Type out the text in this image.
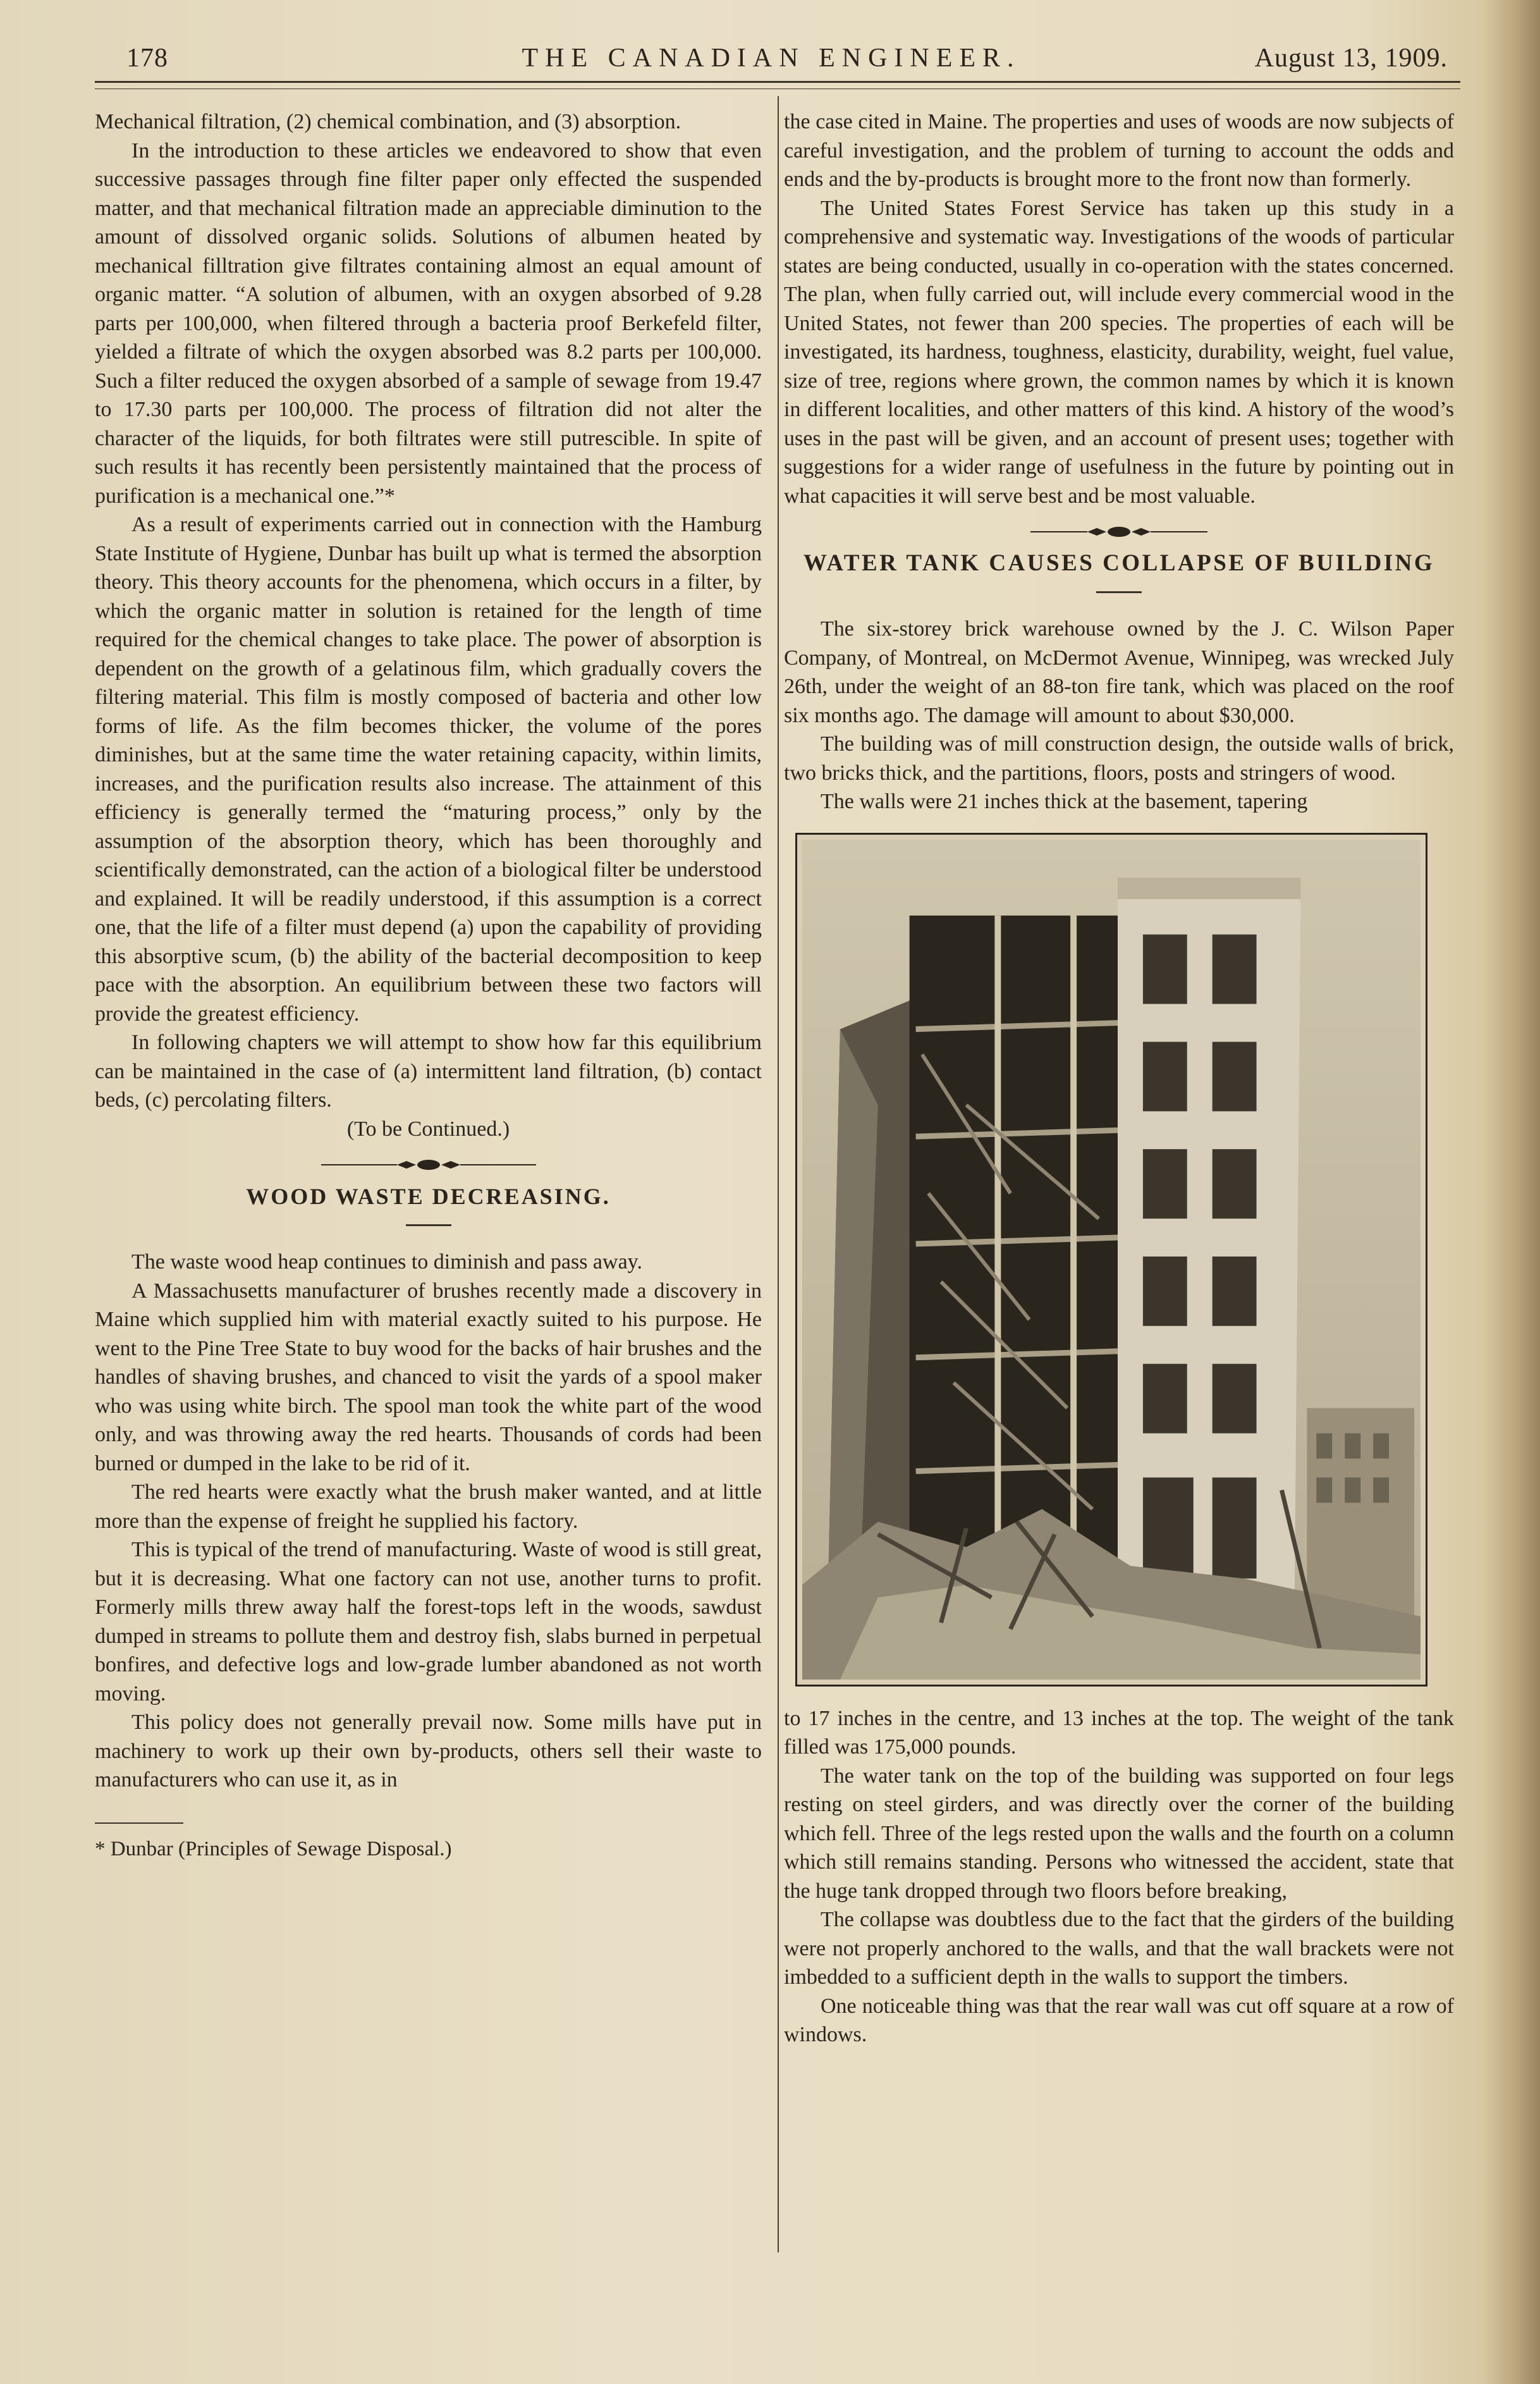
178	THE CANADIAN ENGINEER.	August 13, 1909.

Mechanical filtration, (2) chemical combination, and (3) absorption.

In the introduction to these articles we endeavored to show that even successive passages through fine filter paper only effected the suspended matter, and that mechanical filtration made an appreciable diminution to the amount of dissolved organic solids. Solutions of albumen heated by mechanical filltration give filtrates containing almost an equal amount of organic matter. “A solution of albumen, with an oxygen absorbed of 9.28 parts per 100,000, when filtered through a bacteria proof Berkefeld filter, yielded a filtrate of which the oxygen absorbed was 8.2 parts per 100,000. Such a filter reduced the oxygen absorbed of a sample of sewage from 19.47 to 17.30 parts per 100,000. The process of filtration did not alter the character of the liquids, for both filtrates were still putrescible. In spite of such results it has recently been persistently maintained that the process of purification is a mechanical one.”*

As a result of experiments carried out in connection with the Hamburg State Institute of Hygiene, Dunbar has built up what is termed the absorption theory. This theory accounts for the phenomena, which occurs in a filter, by which the organic matter in solution is retained for the length of time required for the chemical changes to take place. The power of absorption is dependent on the growth of a gelatinous film, which gradually covers the filtering material. This film is mostly composed of bacteria and other low forms of life. As the film becomes thicker, the volume of the pores diminishes, but at the same time the water retaining capacity, within limits, increases, and the purification results also increase. The attainment of this efficiency is generally termed the “maturing process,” only by the assumption of the absorption theory, which has been thoroughly and scientifically demonstrated, can the action of a biological filter be understood and explained. It will be readily understood, if this assumption is a correct one, that the life of a filter must depend (a) upon the capability of providing this absorptive scum, (b) the ability of the bacterial decomposition to keep pace with the absorption. An equilibrium between these two factors will provide the greatest efficiency.

In following chapters we will attempt to show how far this equilibrium can be maintained in the case of (a) intermittent land filtration, (b) contact beds, (c) percolating filters.

(To be Continued.)

WOOD WASTE DECREASING.

The waste wood heap continues to diminish and pass away.

A Massachusetts manufacturer of brushes recently made a discovery in Maine which supplied him with material exactly suited to his purpose. He went to the Pine Tree State to buy wood for the backs of hair brushes and the handles of shaving brushes, and chanced to visit the yards of a spool maker who was using white birch. The spool man took the white part of the wood only, and was throwing away the red hearts. Thousands of cords had been burned or dumped in the lake to be rid of it.

The red hearts were exactly what the brush maker wanted, and at little more than the expense of freight he supplied his factory.

This is typical of the trend of manufacturing. Waste of wood is still great, but it is decreasing. What one factory can not use, another turns to profit. Formerly mills threw away half the forest-tops left in the woods, sawdust dumped in streams to pollute them and destroy fish, slabs burned in perpetual bonfires, and defective logs and low-grade lumber abandoned as not worth moving.

This policy does not generally prevail now. Some mills have put in machinery to work up their own by-products, others sell their waste to manufacturers who can use it, as in

* Dunbar (Principles of Sewage Disposal.)

the case cited in Maine. The properties and uses of woods are now subjects of careful investigation, and the problem of turning to account the odds and ends and the by-products is brought more to the front now than formerly.

The United States Forest Service has taken up this study in a comprehensive and systematic way. Investigations of the woods of particular states are being conducted, usually in co-operation with the states concerned. The plan, when fully carried out, will include every commercial wood in the United States, not fewer than 200 species. The properties of each will be investigated, its hardness, toughness, elasticity, durability, weight, fuel value, size of tree, regions where grown, the common names by which it is known in different localities, and other matters of this kind. A history of the wood’s uses in the past will be given, and an account of present uses; together with suggestions for a wider range of usefulness in the future by pointing out in what capacities it will serve best and be most valuable.

WATER TANK CAUSES COLLAPSE OF BUILDING

The six-storey brick warehouse owned by the J. C. Wilson Paper Company, of Montreal, on McDermot Avenue, Winnipeg, was wrecked July 26th, under the weight of an 88-ton fire tank, which was placed on the roof six months ago. The damage will amount to about $30,000.

The building was of mill construction design, the outside walls of brick, two bricks thick, and the partitions, floors, posts and stringers of wood.

The walls were 21 inches thick at the basement, tapering

to 17 inches in the centre, and 13 inches at the top. The weight of the tank filled was 175,000 pounds.

The water tank on the top of the building was supported on four legs resting on steel girders, and was directly over the corner of the building which fell. Three of the legs rested upon the walls and the fourth on a column which still remains standing. Persons who witnessed the accident, state that the huge tank dropped through two floors before breaking,

The collapse was doubtless due to the fact that the girders of the building were not properly anchored to the walls, and that the wall brackets were not imbedded to a sufficient depth in the walls to support the timbers.

One noticeable thing was that the rear wall was cut off square at a row of windows.
